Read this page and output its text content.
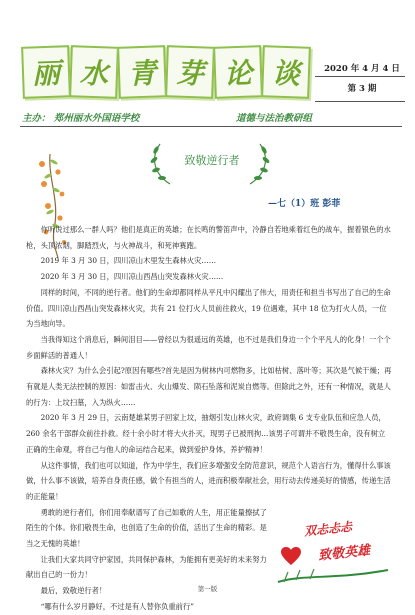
丽 水 青 芽 论 谈	2020 年 4 月 4 日
第 3 期
主办： 郑州丽水外国语学校	道德与法治教研组
致敬逆行者
—七（1）班 彭菲

你听说过那么一群人吗？他们是真正的英雄；在长鸣的警笛声中，冷静自若地乘着红色的战车，握着银色的水枪，头顶浓烟，脚踏烈火，与火神战斗，和死神赛跑。

2019 年 3 月 30 日，四川凉山木里发生森林火灾……

2020 年 3 月 30 日，四川凉山西昌山突发森林火灾……

同样的时间，不同的逆行者。他们的生命却都同样从平凡中闪耀出了伟大，用责任和担当书写出了自己的生命价值。四川凉山西昌山突发森林火灾，共有 21 位打火人员前往救火，19 位遇难，其中 18 位为打火人员，一位为当地向导。

当我得知这个消息后，瞬间泪目——曾经以为很遥远的英雄，也不过是我们身边一个个平凡人的化身！一个个乡面鲜活的普通人！

森林火灾？为什么会引起?原因有哪些?首先是因为树林内可燃物多，比如枯树、落叶等；其次是气候干燥；再有就是人类无法控制的原因：如雷击火、火山爆发、陨石坠落和泥炭自燃等。但除此之外，还有一种情况，就是人的行为：上坟扫墓，入为纵火……

2020 年 3 月 29 日，云南楚雄某男子回家上坟，抽烟引发山林火灾，政府调集 6 支专业队伍和应急人员，260 余名干部群众前往扑救。经十余小时才将大火扑灭，现男子已被刑拘…该男子可谓并不敬畏生命，没有树立正确的生命观，将自己与他人的命运结合起来，做到爱护身体，养护精神！

从这件事情，我们也可以知道，作为中学生，我们应多增强安全防范意识，规范个人语言行为，懂得什么事该做，什么事不该做，培养自身责任感，做个有担当的人，进而积极奉献社会，用行动去传递美好的情感，传递生活的正能量！

勇敢的逆行者们，你们用奉献谱写了自己如歌的人生，用正能量擦拭了陌生的个体。你们敬畏生命，也创造了生命的价值，活出了生命的精彩。是当之无愧的英雄！

让我们大家共同守护家园，共同保护森林，为能拥有更美好的未来努力献出自己的一份力！

最后，致敬逆行者！

“哪有什么岁月静好，不过是有人替你负重前行”

双忐忐忐
致敬英雄
第一版
